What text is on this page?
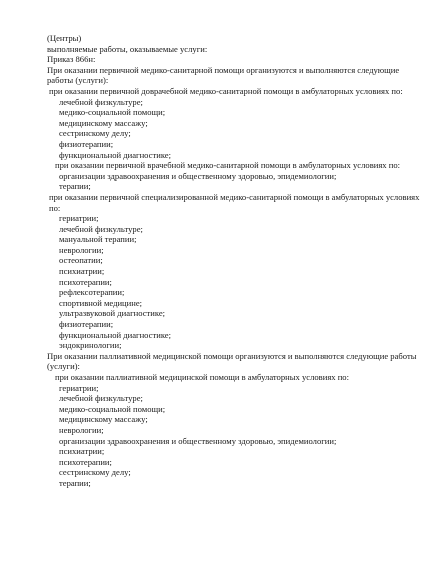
(Центры)
выполняемые работы, оказываемые услуги:
Приказ 866н:
При оказании первичной медико-санитарной помощи организуются и выполняются следующие работы (услуги):
при оказании первичной доврачебной медико-санитарной помощи в амбулаторных условиях по:
лечебной физкультуре;
медико-социальной помощи;
медицинскому массажу;
сестринскому делу;
физиотерапии;
функциональной диагностике;
при оказании первичной врачебной медико-санитарной помощи в амбулаторных условиях по:
организации здравоохранения и общественному здоровью, эпидемиологии;
терапии;
при оказании первичной специализированной медико-санитарной помощи в амбулаторных условиях по:
гериатрии;
лечебной физкультуре;
мануальной терапии;
неврологии;
остеопатии;
психиатрии;
психотерапии;
рефлексотерапии;
спортивной медицине;
ультразвуковой диагностике;
физиотерапии;
функциональной диагностике;
эндокринологии;
При оказании паллиативной медицинской помощи организуются и выполняются следующие работы (услуги):
при оказании паллиативной медицинской помощи в амбулаторных условиях по:
гериатрии;
лечебной физкультуре;
медико-социальной помощи;
медицинскому массажу;
неврологии;
организации здравоохранения и общественному здоровью, эпидемиологии;
психиатрии;
психотерапии;
сестринскому делу;
терапии;
